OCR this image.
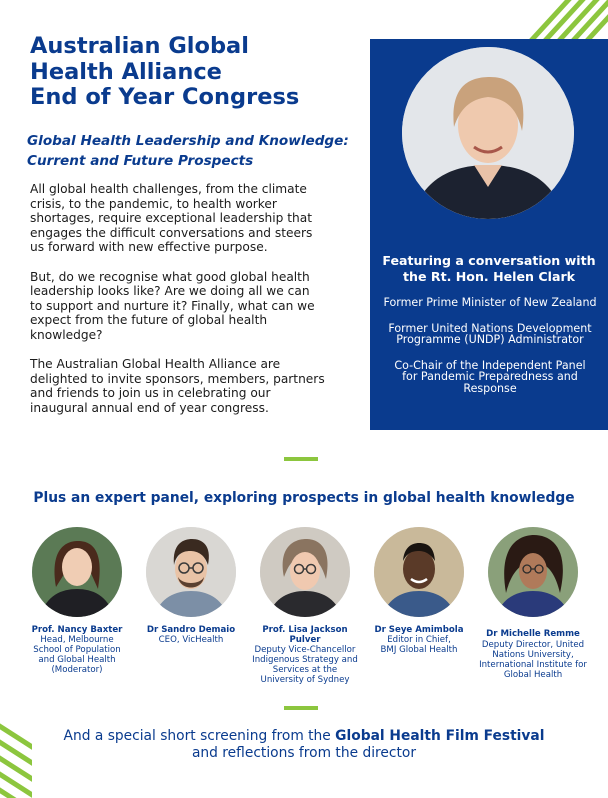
Australian Global
Health Alliance
End of Year Congress
Global Health Leadership and Knowledge:
Current and Future Prospects

All global health challenges, from the climate
crisis, to the pandemic, to health worker
shortages, require exceptional leadership that
engages the difficult conversations and steers
us forward with new effective purpose.

But, do we recognise what good global health
leadership looks like? Are we doing all we can
to support and nurture it? Finally, what can we
expect from the future of global health
knowledge?

The Australian Global Health Alliance are
delighted to invite sponsors, members, partners
and friends to join us in celebrating our
inaugural annual end of year congress.

Featuring a conversation with
the Rt. Hon. Helen Clark

Former Prime Minister of New Zealand

Former United Nations Development
Programme (UNDP) Administrator

Co-Chair of the Independent Panel
for Pandemic Preparedness and
Response

Plus an expert panel, exploring prospects in global health knowledge
Prof. Nancy Baxter
Head, Melbourne
School of Population
and Global Health
(Moderator)
Dr Sandro Demaio
CEO, VicHealth
Prof. Lisa Jackson
Pulver
Deputy Vice-Chancellor
Indigenous Strategy and
Services at the
University of Sydney
Dr Seye Amimbola
Editor in Chief,
BMJ Global Health
Dr Michelle Remme
Deputy Director, United
Nations University,
International Institute for
Global Health

And a special short screening from the Global Health Film Festival
and reflections from the director
